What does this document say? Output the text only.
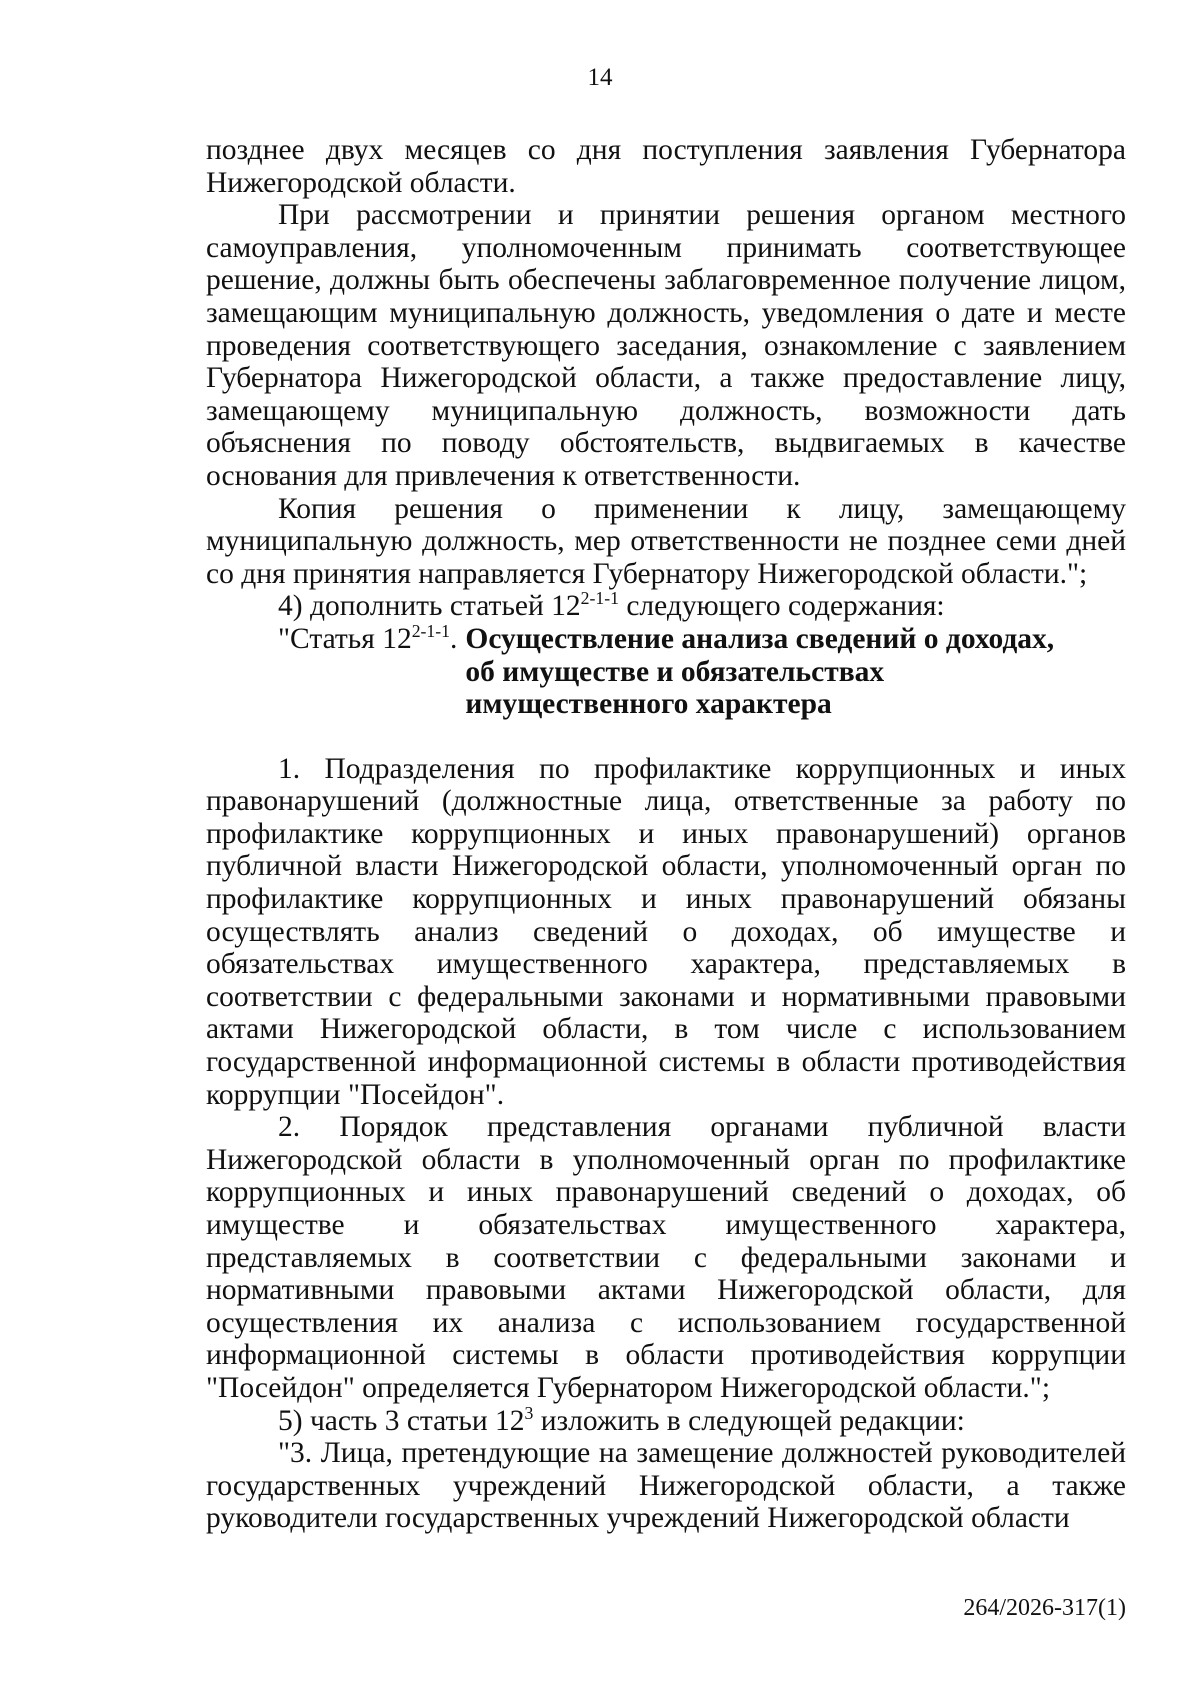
14

позднее двух месяцев со дня поступления заявления Губернатора Нижегородской области.

При рассмотрении и принятии решения органом местного самоуправления, уполномоченным принимать соответствующее решение, должны быть обеспечены заблаговременное получение лицом, замещающим муниципальную должность, уведомления о дате и месте проведения соответствующего заседания, ознакомление с заявлением Губернатора Нижегородской области, а также предоставление лицу, замещающему муниципальную должность, возможности дать объяснения по поводу обстоятельств, выдвигаемых в качестве основания для привлечения к ответственности.

Копия решения о применении к лицу, замещающему муниципальную должность, мер ответственности не позднее семи дней со дня принятия направляется Губернатору Нижегородской области.";

4) дополнить статьей 12$^{2-1-1}$ следующего содержания:

"Статья 12$^{2-1-1}$. Осуществление анализа сведений о доходах, об имуществе и обязательствах имущественного характера

1. Подразделения по профилактике коррупционных и иных правонарушений (должностные лица, ответственные за работу по профилактике коррупционных и иных правонарушений) органов публичной власти Нижегородской области, уполномоченный орган по профилактике коррупционных и иных правонарушений обязаны осуществлять анализ сведений о доходах, об имуществе и обязательствах имущественного характера, представляемых в соответствии с федеральными законами и нормативными правовыми актами Нижегородской области, в том числе с использованием государственной информационной системы в области противодействия коррупции "Посейдон".

2. Порядок представления органами публичной власти Нижегородской области в уполномоченный орган по профилактике коррупционных и иных правонарушений сведений о доходах, об имуществе и обязательствах имущественного характера, представляемых в соответствии с федеральными законами и нормативными правовыми актами Нижегородской области, для осуществления их анализа с использованием государственной информационной системы в области противодействия коррупции "Посейдон" определяется Губернатором Нижегородской области.";

5) часть 3 статьи $12^3$ изложить в следующей редакции:

"3. Лица, претендующие на замещение должностей руководителей государственных учреждений Нижегородской области, а также руководители государственных учреждений Нижегородской области

264/2026-317(1)
